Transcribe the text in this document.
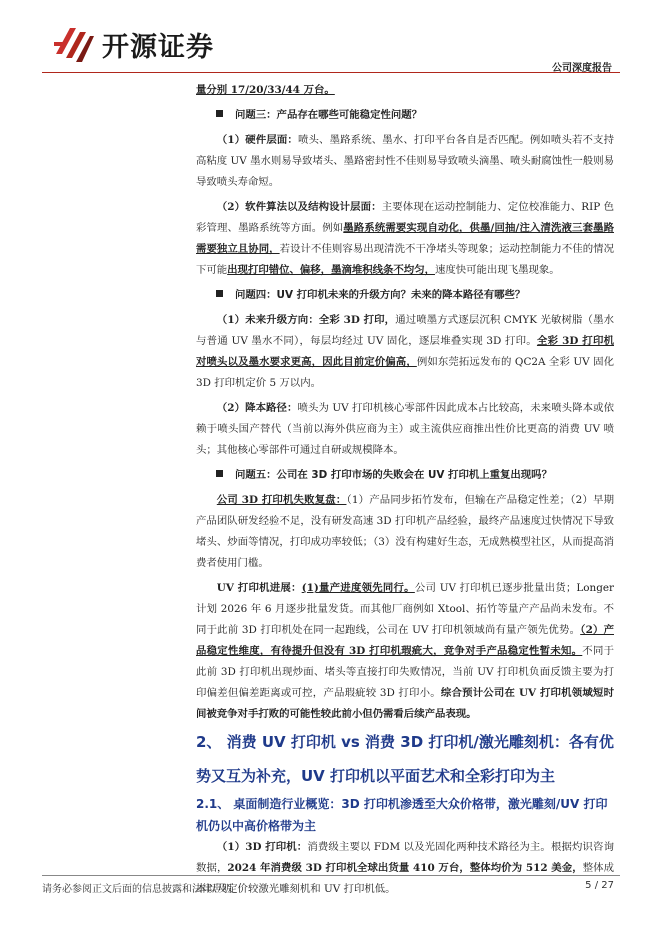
开源证券
公司深度报告

量分别 17/20/33/44 万台。

问题三：产品存在哪些可能稳定性问题？

（1）硬件层面：喷头、墨路系统、墨水、打印平台各自是否匹配。例如喷头若不支持高粘度 UV 墨水则易导致堵头、墨路密封性不佳则易导致喷头滴墨、喷头耐腐蚀性一般则易导致喷头寿命短。

（2）软件算法以及结构设计层面：主要体现在运动控制能力、定位校准能力、RIP 色彩管理、墨路系统等方面。例如墨路系统需要实现自动化，供墨/回抽/注入清洗液三套墨路需要独立且协同，若设计不佳则容易出现清洗不干净堵头等现象；运动控制能力不佳的情况下可能出现打印错位、偏移，墨滴堆积线条不均匀，速度快可能出现飞墨现象。

问题四：UV 打印机未来的升级方向？未来的降本路径有哪些？

（1）未来升级方向：全彩 3D 打印，通过喷墨方式逐层沉积 CMYK 光敏树脂（墨水与普通 UV 墨水不同），每层均经过 UV 固化，逐层堆叠实现 3D 打印。全彩 3D 打印机对喷头以及墨水要求更高，因此目前定价偏高，例如东莞拓远发布的 QC2A 全彩 UV 固化 3D 打印机定价 5 万以内。

（2）降本路径：喷头为 UV 打印机核心零部件因此成本占比较高，未来喷头降本或依赖于喷头国产替代（当前以海外供应商为主）或主流供应商推出性价比更高的消费 UV 喷头；其他核心零部件可通过自研或规模降本。

问题五：公司在 3D 打印市场的失败会在 UV 打印机上重复出现吗？

公司 3D 打印机失败复盘：（1）产品同步拓竹发布，但输在产品稳定性差；（2）早期产品团队研发经验不足，没有研发高速 3D 打印机产品经验，最终产品速度过快情况下导致堵头、炒面等情况，打印成功率较低；（3）没有构建好生态，无成熟模型社区，从而提高消费者使用门槛。

UV 打印机进展：(1)量产进度领先同行。公司 UV 打印机已逐步批量出货；Longer 计划 2026 年 6 月逐步批量发货。而其他厂商例如 Xtool、拓竹等量产产品尚未发布。不同于此前 3D 打印机处在同一起跑线，公司在 UV 打印机领域尚有量产领先优势。（2）产品稳定性维度，有待提升但没有 3D 打印机瑕疵大，竞争对手产品稳定性暂未知。不同于此前 3D 打印机出现炒面、堵头等直接打印失败情况，当前 UV 打印机负面反馈主要为打印偏差但偏差距离或可控，产品瑕疵较 3D 打印小。综合预计公司在 UV 打印机领域短时间被竞争对手打败的可能性较此前小但仍需看后续产品表现。

2、 消费 UV 打印机 vs 消费 3D 打印机/激光雕刻机：各有优势又互为补充，UV 打印机以平面艺术和全彩打印为主

2.1、 桌面制造行业概览：3D 打印机渗透至大众价格带，激光雕刻/UV 打印机仍以中高价格带为主

（1）3D 打印机：消费级主要以 FDM 以及光固化两种技术路径为主。根据灼识咨询数据，2024 年消费级 3D 打印机全球出货量 410 万台，整体均价为 512 美金，整体成本以及定价较激光雕刻机和 UV 打印机低。

请务必参阅正文后面的信息披露和法律声明	5 / 27
